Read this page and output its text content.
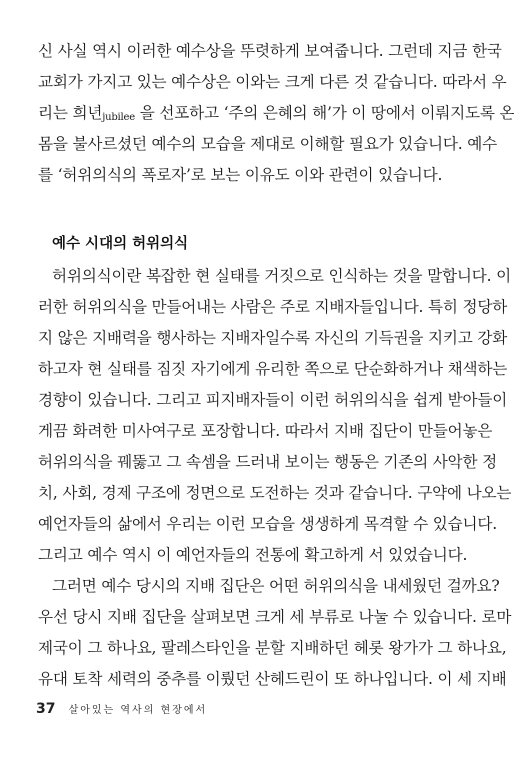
신 사실 역시 이러한 예수상을 뚜렷하게 보여줍니다. 그런데 지금 한국
교회가 가지고 있는 예수상은 이와는 크게 다른 것 같습니다. 따라서 우
리는 희년$_{jubilee}$ 을 선포하고 ‘주의 은혜의 해’가 이 땅에서 이뤄지도록 온
몸을 불사르셨던 예수의 모습을 제대로 이해할 필요가 있습니다. 예수
를 ‘허위의식의 폭로자’로 보는 이유도 이와 관련이 있습니다.
예수 시대의 허위의식
허위의식이란 복잡한 현 실태를 거짓으로 인식하는 것을 말합니다. 이
러한 허위의식을 만들어내는 사람은 주로 지배자들입니다. 특히 정당하
지 않은 지배력을 행사하는 지배자일수록 자신의 기득권을 지키고 강화
하고자 현 실태를 짐짓 자기에게 유리한 쪽으로 단순화하거나 채색하는
경향이 있습니다. 그리고 피지배자들이 이런 허위의식을 쉽게 받아들이
게끔 화려한 미사여구로 포장합니다. 따라서 지배 집단이 만들어놓은
허위의식을 꿰뚫고 그 속셈을 드러내 보이는 행동은 기존의 사악한 정
치, 사회, 경제 구조에 정면으로 도전하는 것과 같습니다. 구약에 나오는
예언자들의 삶에서 우리는 이런 모습을 생생하게 목격할 수 있습니다.
그리고 예수 역시 이 예언자들의 전통에 확고하게 서 있었습니다.
그러면 예수 당시의 지배 집단은 어떤 허위의식을 내세웠던 걸까요?
우선 당시 지배 집단을 살펴보면 크게 세 부류로 나눌 수 있습니다. 로마
제국이 그 하나요, 팔레스타인을 분할 지배하던 헤롯 왕가가 그 하나요,
유대 토착 세력의 중추를 이뤘던 산헤드린이 또 하나입니다. 이 세 지배
37 살아있는 역사의 현장에서
